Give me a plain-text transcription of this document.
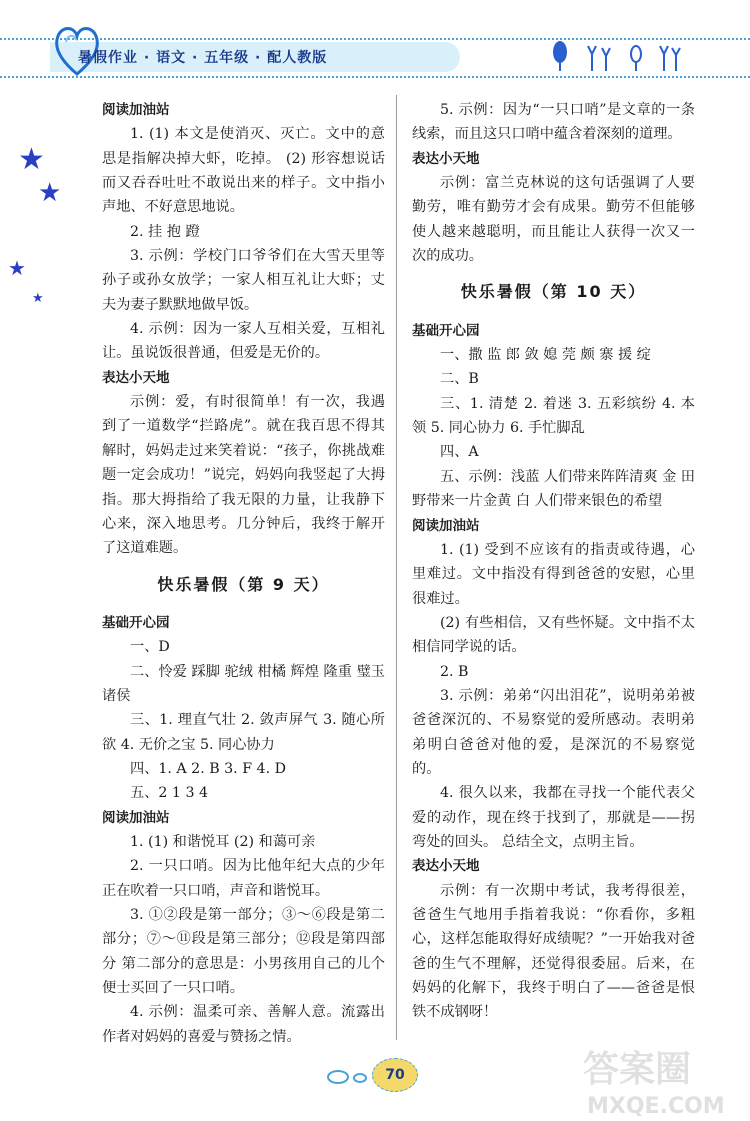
暑假作业 · 语文 · 五年级 · 配人教版
★
★
★
★

阅读加油站

1. (1) 本文是使消灭、灭亡。文中的意思是指解决掉大虾，吃掉。 (2) 形容想说话而又吞吞吐吐不敢说出来的样子。文中指小声地、不好意思地说。

2. 挂 抱 蹬

3. 示例：学校门口爷爷们在大雪天里等孙子或孙女放学；一家人相互礼让大虾；丈夫为妻子默默地做早饭。

4. 示例：因为一家人互相关爱，互相礼让。虽说饭很普通，但爱是无价的。

表达小天地

示例：爱，有时很简单！有一次，我遇到了一道数学“拦路虎”。就在我百思不得其解时，妈妈走过来笑着说：“孩子，你挑战难题一定会成功！”说完，妈妈向我竖起了大拇指。那大拇指给了我无限的力量，让我静下心来，深入地思考。几分钟后，我终于解开了这道难题。

快乐暑假（第 9 天）

基础开心园

一、D

二、怜爱 踩脚 驼绒 柑橘 辉煌 隆重 璧玉 诸侯

三、1. 理直气壮 2. 敛声屏气 3. 随心所欲 4. 无价之宝 5. 同心协力

四、1. A 2. B 3. F 4. D

五、2 1 3 4

阅读加油站

1. (1) 和谐悦耳 (2) 和蔼可亲

2. 一只口哨。因为比他年纪大点的少年正在吹着一只口哨，声音和谐悦耳。

3. ①②段是第一部分；③～⑥段是第二部分；⑦～⑪段是第三部分；⑫段是第四部分 第二部分的意思是：小男孩用自己的儿个便士买回了一只口哨。

4. 示例：温柔可亲、善解人意。流露出作者对妈妈的喜爱与赞扬之情。

5. 示例：因为“一只口哨”是文章的一条线索，而且这只口哨中蕴含着深刻的道理。

表达小天地

示例：富兰克林说的这句话强调了人要勤劳，唯有勤劳才会有成果。勤劳不但能够使人越来越聪明，而且能让人获得一次又一次的成功。

快乐暑假（第 10 天）

基础开心园

一、撒 监 郎 敛 媳 莞 颇 寨 援 绽

二、B

三、1. 清楚 2. 着迷 3. 五彩缤纷 4. 本领 5. 同心协力 6. 手忙脚乱

四、A

五、示例：浅蓝 人们带来阵阵清爽 金 田野带来一片金黄 白 人们带来银色的希望

阅读加油站

1. (1) 受到不应该有的指责或待遇，心里难过。文中指没有得到爸爸的安慰，心里很难过。

(2) 有些相信，又有些怀疑。文中指不太相信同学说的话。

2. B

3. 示例：弟弟“闪出泪花”，说明弟弟被爸爸深沉的、不易察觉的爱所感动。表明弟弟明白爸爸对他的爱，是深沉的不易察觉的。

4. 很久以来，我都在寻找一个能代表父爱的动作，现在终于找到了，那就是——拐弯处的回头。 总结全文，点明主旨。

表达小天地

示例：有一次期中考试，我考得很差，爸爸生气地用手指着我说：“你看你，多粗心，这样怎能取得好成绩呢？”一开始我对爸爸的生气不理解，还觉得很委屈。后来，在妈妈的化解下，我终于明白了——爸爸是恨铁不成钢呀！

70	答案圈
MXQE.COM
